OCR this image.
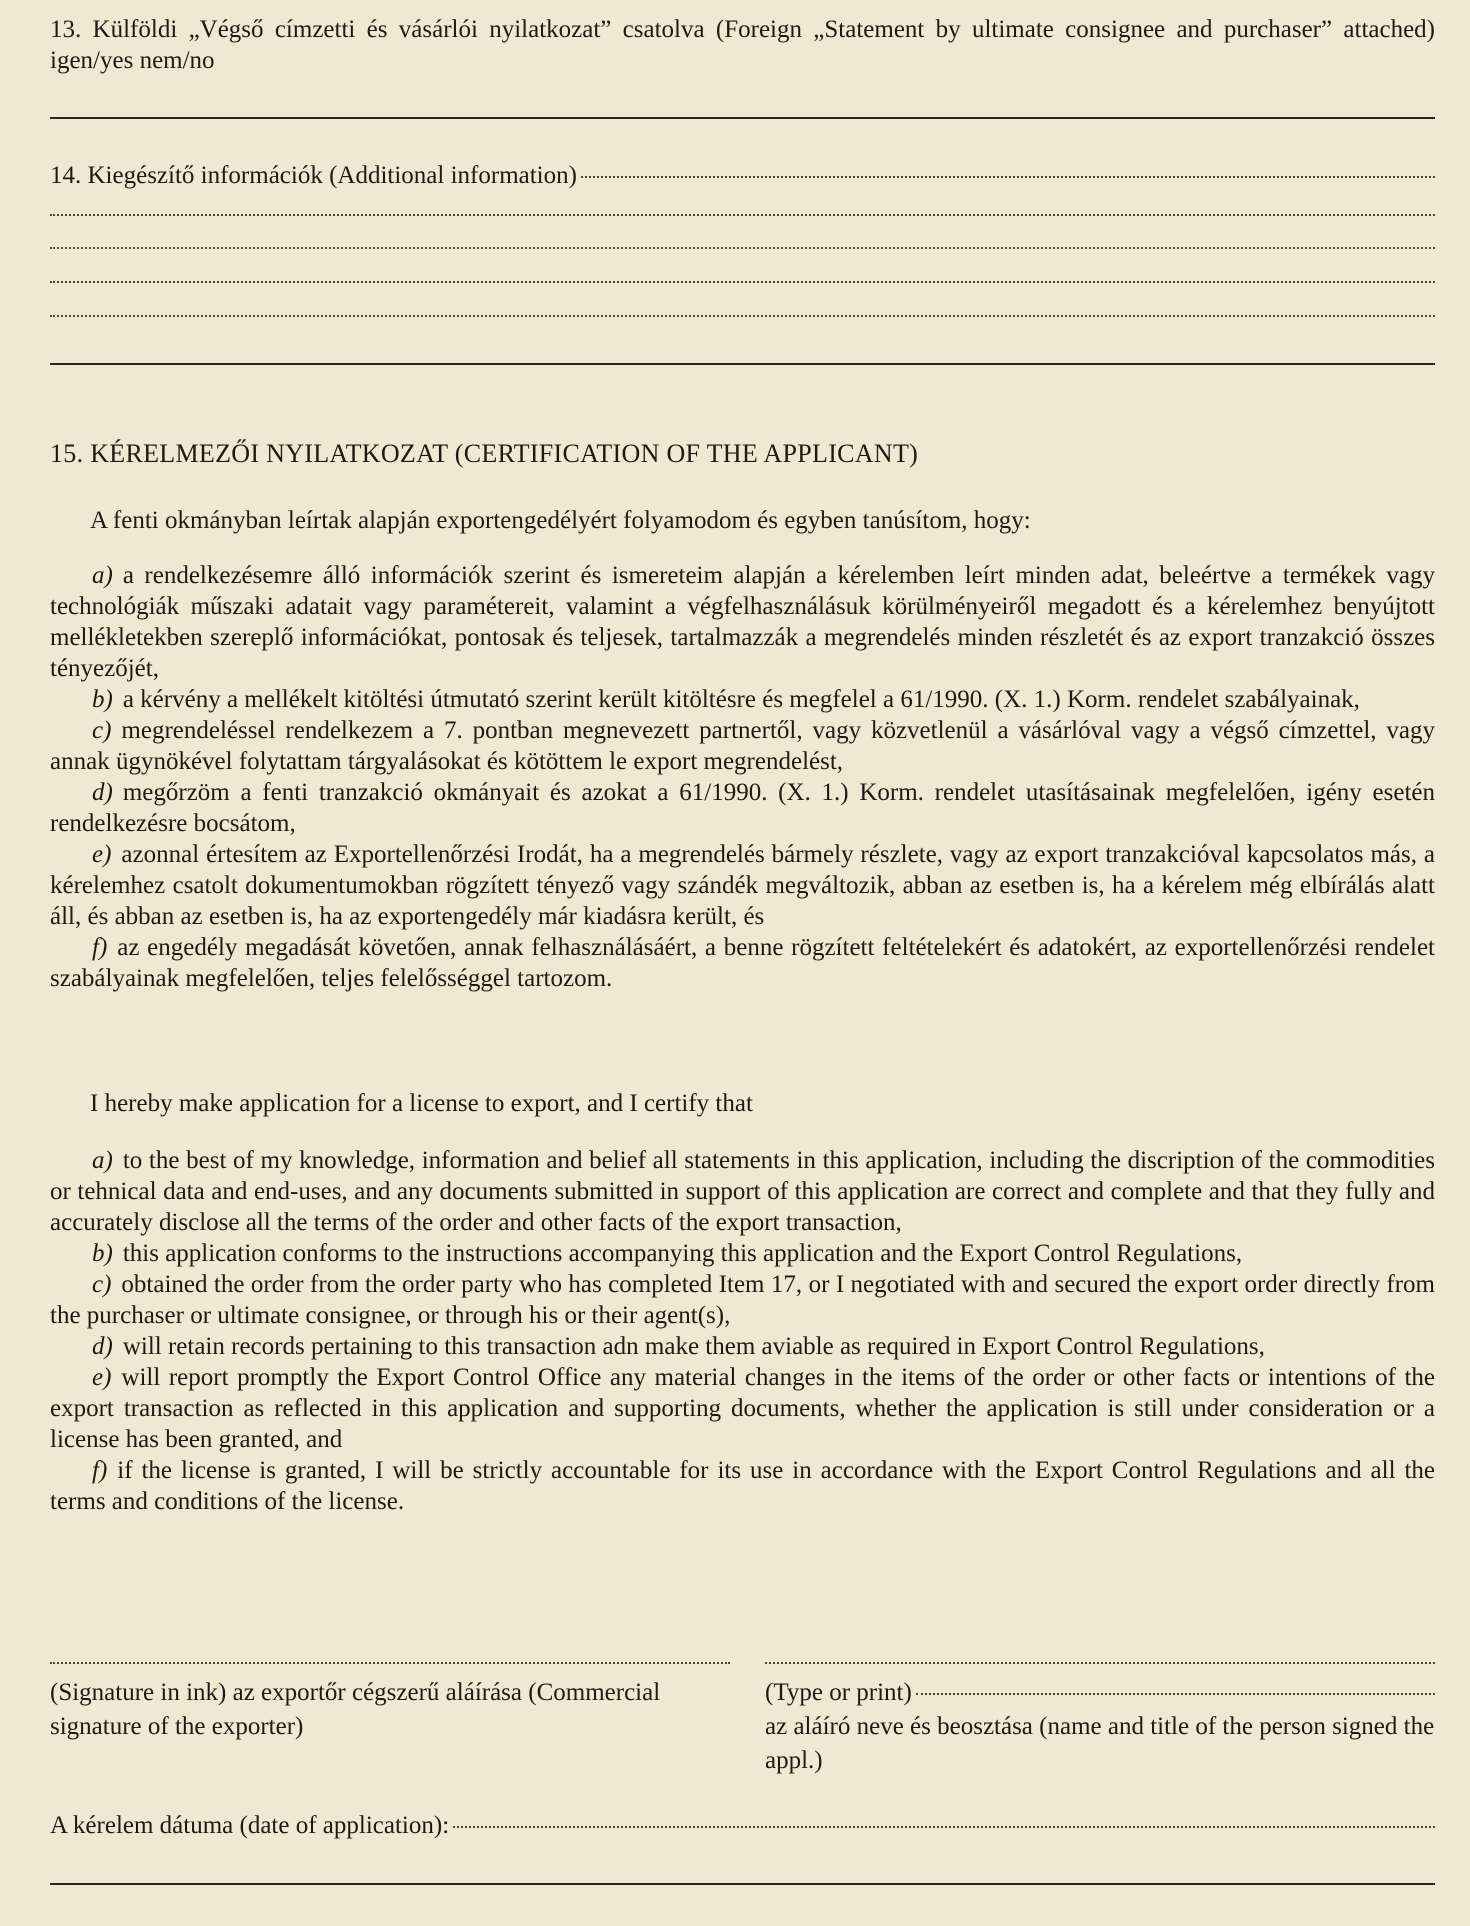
13. Külföldi „Végső címzetti és vásárlói nyilatkozat” csatolva (Foreign „Statement by ultimate consignee and purchaser” attached) igen/yes nem/no

14. Kiegészítő információk (Additional information)

15. KÉRELMEZŐI NYILATKOZAT (CERTIFICATION OF THE APPLICANT)

A fenti okmányban leírtak alapján exportengedélyért folyamodom és egyben tanúsítom, hogy:

a) a rendelkezésemre álló információk szerint és ismereteim alapján a kérelemben leírt minden adat, beleértve a termékek vagy technológiák műszaki adatait vagy paramétereit, valamint a végfelhasználásuk körülményeiről megadott és a kérelemhez benyújtott mellékletekben szereplő információkat, pontosak és teljesek, tartalmazzák a megrendelés minden részletét és az export tranzakció összes tényezőjét,

b) a kérvény a mellékelt kitöltési útmutató szerint került kitöltésre és megfelel a 61/1990. (X. 1.) Korm. rendelet szabályainak,

c) megrendeléssel rendelkezem a 7. pontban megnevezett partnertől, vagy közvetlenül a vásárlóval vagy a végső címzettel, vagy annak ügynökével folytattam tárgyalásokat és kötöttem le export megrendelést,

d) megőrzöm a fenti tranzakció okmányait és azokat a 61/1990. (X. 1.) Korm. rendelet utasításainak megfelelően, igény esetén rendelkezésre bocsátom,

e) azonnal értesítem az Exportellenőrzési Irodát, ha a megrendelés bármely részlete, vagy az export tranzakcióval kapcsolatos más, a kérelemhez csatolt dokumentumokban rögzített tényező vagy szándék megváltozik, abban az esetben is, ha a kérelem még elbírálás alatt áll, és abban az esetben is, ha az exportengedély már kiadásra került, és

f) az engedély megadását követően, annak felhasználásáért, a benne rögzített feltételekért és adatokért, az exportellenőrzési rendelet szabályainak megfelelően, teljes felelősséggel tartozom.

I hereby make application for a license to export, and I certify that

a) to the best of my knowledge, information and belief all statements in this application, including the discription of the commodities or tehnical data and end-uses, and any documents submitted in support of this application are correct and complete and that they fully and accurately disclose all the terms of the order and other facts of the export transaction,

b) this application conforms to the instructions accompanying this application and the Export Control Regulations,

c) obtained the order from the order party who has completed Item 17, or I negotiated with and secured the export order directly from the purchaser or ultimate consignee, or through his or their agent(s),

d) will retain records pertaining to this transaction adn make them aviable as required in Export Control Regulations,

e) will report promptly the Export Control Office any material changes in the items of the order or other facts or intentions of the export transaction as reflected in this application and supporting documents, whether the application is still under consideration or a license has been granted, and

f) if the license is granted, I will be strictly accountable for its use in accordance with the Export Control Regulations and all the terms and conditions of the license.

(Signature in ink) az exportőr cégszerű aláírása (Commercial signature of the exporter)

(Type or print)

az aláíró neve és beosztása (name and title of the person signed the appl.)

A kérelem dátuma (date of application):
